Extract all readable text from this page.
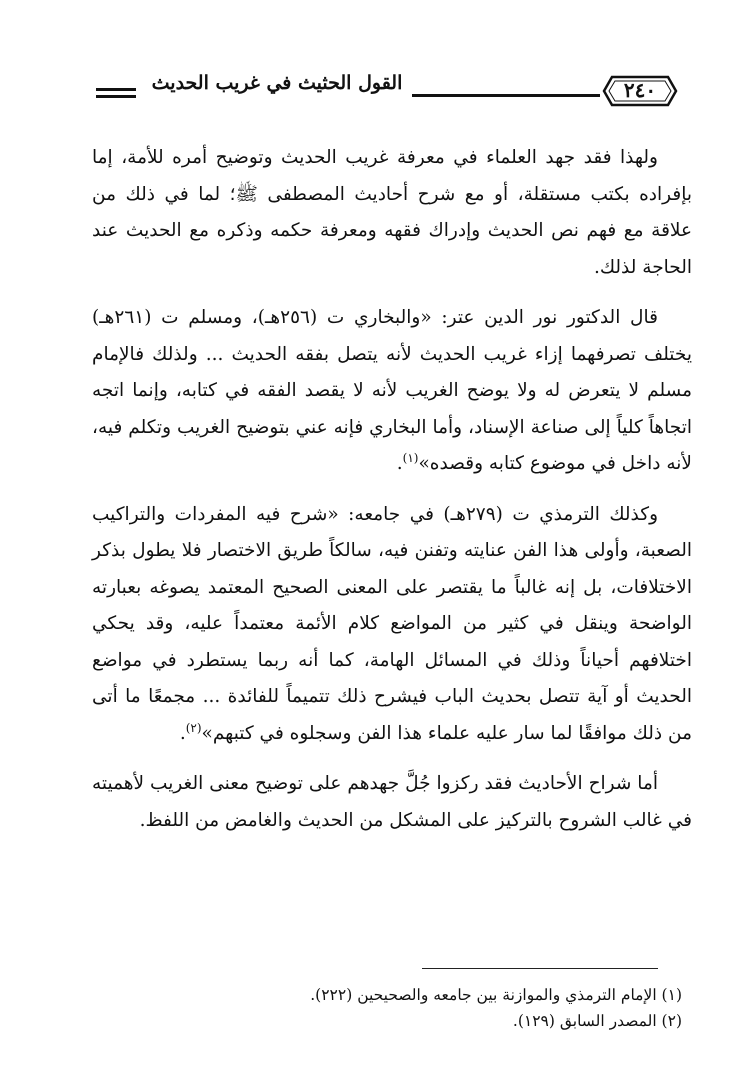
القول الحثيث في غريب الحديث	٢٤٠

ولهذا فقد جهد العلماء في معرفة غريب الحديث وتوضيح أمره للأمة، إما بإفراده بكتب مستقلة، أو مع شرح أحاديث المصطفى ﷺ؛ لما في ذلك من علاقة مع فهم نص الحديث وإدراك فقهه ومعرفة حكمه وذكره مع الحديث عند الحاجة لذلك.

قال الدكتور نور الدين عتر: «والبخاري ت (٢٥٦هـ)، ومسلم ت (٢٦١هـ) يختلف تصرفهما إزاء غريب الحديث لأنه يتصل بفقه الحديث ... ولذلك فالإمام مسلم لا يتعرض له ولا يوضح الغريب لأنه لا يقصد الفقه في كتابه، وإنما اتجه اتجاهاً كلياً إلى صناعة الإسناد، وأما البخاري فإنه عني بتوضيح الغريب وتكلم فيه، لأنه داخل في موضوع كتابه وقصده»$^{(١)}$.

وكذلك الترمذي ت (٢٧٩هـ) في جامعه: «شرح فيه المفردات والتراكيب الصعبة، وأولى هذا الفن عنايته وتفنن فيه، سالكاً طريق الاختصار فلا يطول بذكر الاختلافات، بل إنه غالباً ما يقتصر على المعنى الصحيح المعتمد يصوغه بعبارته الواضحة وينقل في كثير من المواضع كلام الأئمة معتمداً عليه، وقد يحكي اختلافهم أحياناً وذلك في المسائل الهامة، كما أنه ربما يستطرد في مواضع الحديث أو آية تتصل بحديث الباب فيشرح ذلك تتميماً للفائدة ... مجمعًا ما أتى من ذلك موافقًا لما سار عليه علماء هذا الفن وسجلوه في كتبهم»$^{(٢)}$.

أما شراح الأحاديث فقد ركزوا جُلَّ جهدهم على توضيح معنى الغريب لأهميته في غالب الشروح بالتركيز على المشكل من الحديث والغامض من اللفظ.

(١) الإمام الترمذي والموازنة بين جامعه والصحيحين (٢٢٢).
(٢) المصدر السابق (١٢٩).
